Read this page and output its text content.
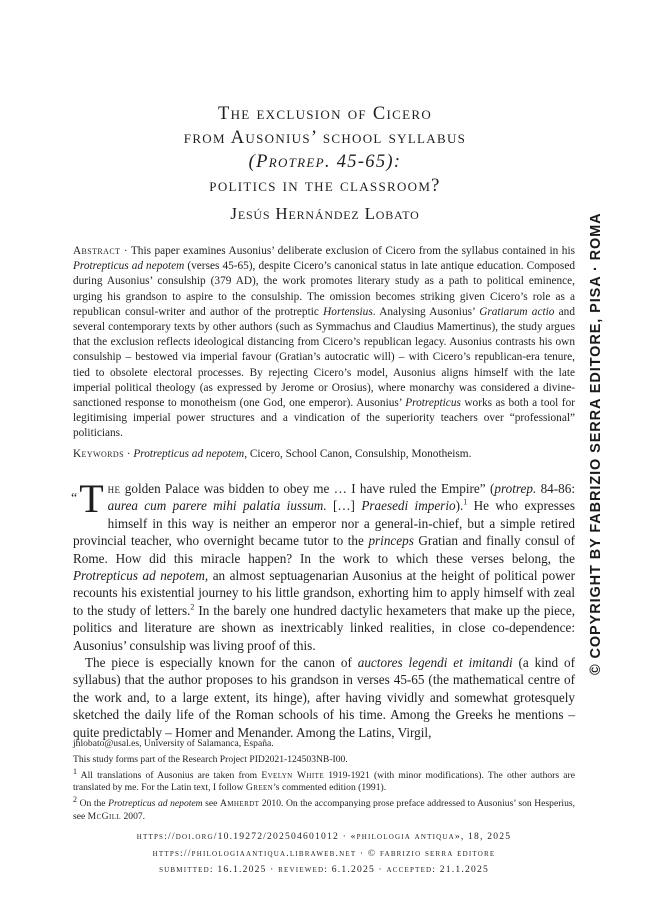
The exclusion of Cicero
from Ausonius’ school syllabus
(Protrep. 45-65):
politics in the classroom?
Jesús Hernández Lobato
Abstract · This paper examines Ausonius’ deliberate exclusion of Cicero from the syllabus contained in his Protrepticus ad nepotem (verses 45-65), despite Cicero’s canonical status in late antique education. Composed during Ausonius’ consulship (379 AD), the work promotes literary study as a path to political eminence, urging his grandson to aspire to the consulship. The omission becomes striking given Cicero’s role as a republican consul-writer and author of the protreptic Hortensius. Analysing Ausonius’ Gratiarum actio and several contemporary texts by other authors (such as Symmachus and Claudius Mamertinus), the study argues that the exclusion reflects ideological distancing from Cicero’s republican legacy. Ausonius contrasts his own consulship – bestowed via imperial favour (Gratian’s autocratic will) – with Cicero’s republican-era tenure, tied to obsolete electoral processes. By rejecting Cicero’s model, Ausonius aligns himself with the late imperial political theology (as expressed by Jerome or Orosius), where monarchy was considered a divine-sanctioned response to monotheism (one God, one emperor). Ausonius’ Protrepticus works as both a tool for legitimising imperial power structures and a vindication of the superiority teachers over “professional” politicians.
Keywords · Protrepticus ad nepotem, Cicero, School Canon, Consulship, Monotheism.

“T he golden Palace was bidden to obey me … I have ruled the Empire” (protrep. 84-86: aurea cum parere mihi palatia iussum. […] Praesedi imperio).$^1$ He who expresses himself in this way is neither an emperor nor a general-in-chief, but a simple retired provincial teacher, who overnight became tutor to the princeps Gratian and finally consul of Rome. How did this miracle happen? In the work to which these verses belong, the Protrepticus ad nepotem, an almost septuagenarian Ausonius at the height of political power recounts his existential journey to his little grandson, exhorting him to apply himself with zeal to the study of letters.$^2$ In the barely one hundred dactylic hexameters that make up the piece, politics and literature are shown as inextricably linked realities, in close co-dependence: Ausonius’ consulship was living proof of this.

The piece is especially known for the canon of auctores legendi et imitandi (a kind of syllabus) that the author proposes to his grandson in verses 45-65 (the mathematical centre of the work and, to a large extent, its hinge), after having vividly and somewhat grotesquely sketched the daily life of the Roman schools of his time. Among the Greeks he mentions – quite predictably – Homer and Menander. Among the Latins, Virgil,

jhlobato@usal.es, University of Salamanca, España.
This study forms part of the Research Project PID2021-124503NB-I00.
$^1$ All translations of Ausonius are taken from Evelyn White 1919-1921 (with minor modifications). The other authors are translated by me. For the Latin text, I follow Green’s commented edition (1991).
$^2$ On the Protrepticus ad nepotem see Amherdt 2010. On the accompanying prose preface addressed to Ausonius’ son Hesperius, see McGill 2007.
https://doi.org/10.19272/202504601012 · «philologia antiqua», 18, 2025
https://philologiaantiqua.libraweb.net · © fabrizio serra editore
submitted: 16.1.2025 · reviewed: 6.1.2025 · accepted: 21.1.2025
© COPYRIGHT BY FABRIZIO SERRA EDITORE, PISA · ROMA
